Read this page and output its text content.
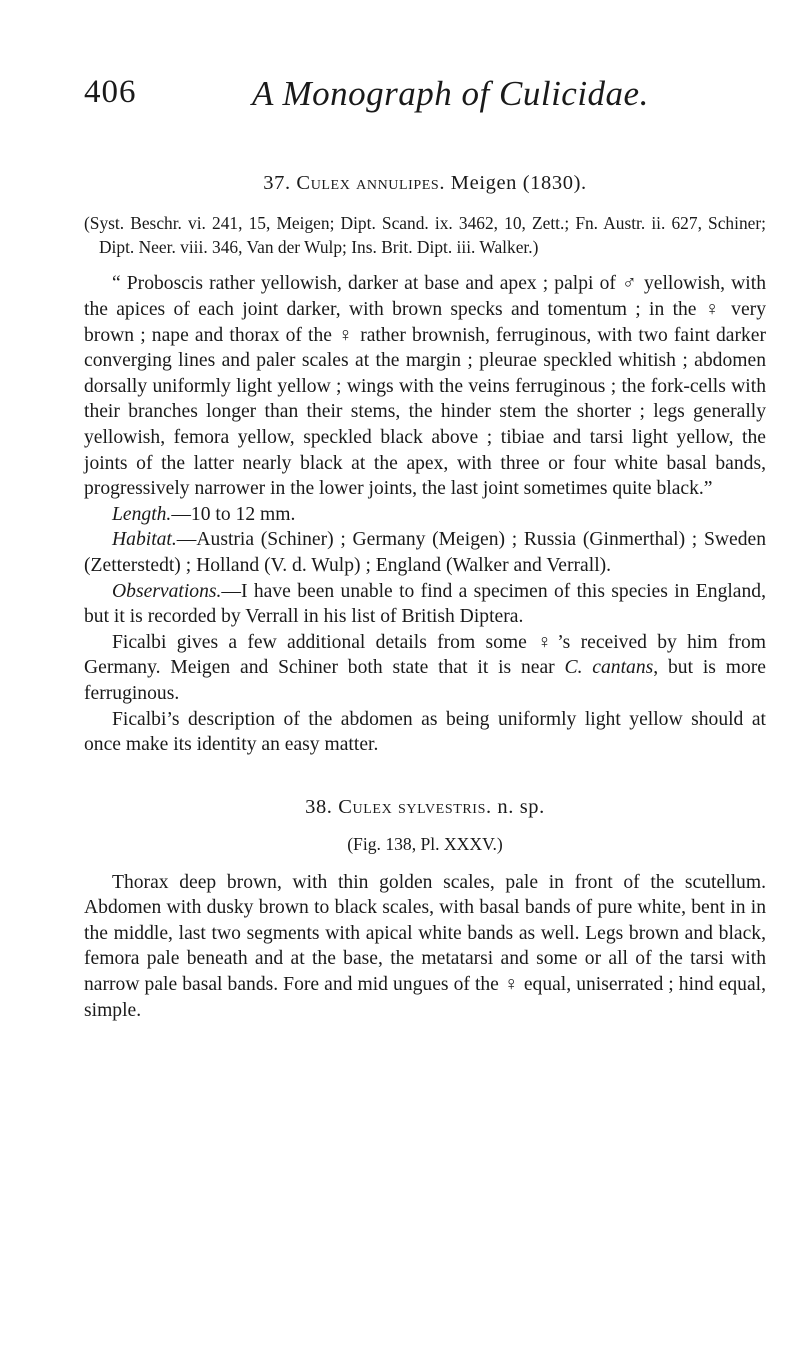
406	A Monograph of Culicidae.
37. Culex annulipes. Meigen (1830).
(Syst. Beschr. vi. 241, 15, Meigen; Dipt. Scand. ix. 3462, 10, Zett.; Fn. Austr. ii. 627, Schiner; Dipt. Neer. viii. 346, Van der Wulp; Ins. Brit. Dipt. iii. Walker.)

“ Proboscis rather yellowish, darker at base and apex ; palpi of ♂ yellowish, with the apices of each joint darker, with brown specks and tomentum ; in the ♀ very brown ; nape and thorax of the ♀ rather brownish, ferruginous, with two faint darker converging lines and paler scales at the margin ; pleurae speckled whitish ; abdomen dorsally uniformly light yellow ; wings with the veins ferruginous ; the fork-cells with their branches longer than their stems, the hinder stem the shorter ; legs generally yellowish, femora yellow, speckled black above ; tibiae and tarsi light yellow, the joints of the latter nearly black at the apex, with three or four white basal bands, progressively narrower in the lower joints, the last joint sometimes quite black.”

Length.—10 to 12 mm.

Habitat.—Austria (Schiner) ; Germany (Meigen) ; Russia (Ginmerthal) ; Sweden (Zetterstedt) ; Holland (V. d. Wulp) ; England (Walker and Verrall).

Observations.—I have been unable to find a specimen of this species in England, but it is recorded by Verrall in his list of British Diptera.

Ficalbi gives a few additional details from some ♀’s received by him from Germany. Meigen and Schiner both state that it is near C. cantans, but is more ferruginous.

Ficalbi’s description of the abdomen as being uniformly light yellow should at once make its identity an easy matter.

38. Culex sylvestris. n. sp.
(Fig. 138, Pl. XXXV.)

Thorax deep brown, with thin golden scales, pale in front of the scutellum. Abdomen with dusky brown to black scales, with basal bands of pure white, bent in in the middle, last two segments with apical white bands as well. Legs brown and black, femora pale beneath and at the base, the metatarsi and some or all of the tarsi with narrow pale basal bands. Fore and mid ungues of the ♀ equal, uniserrated ; hind equal, simple.
